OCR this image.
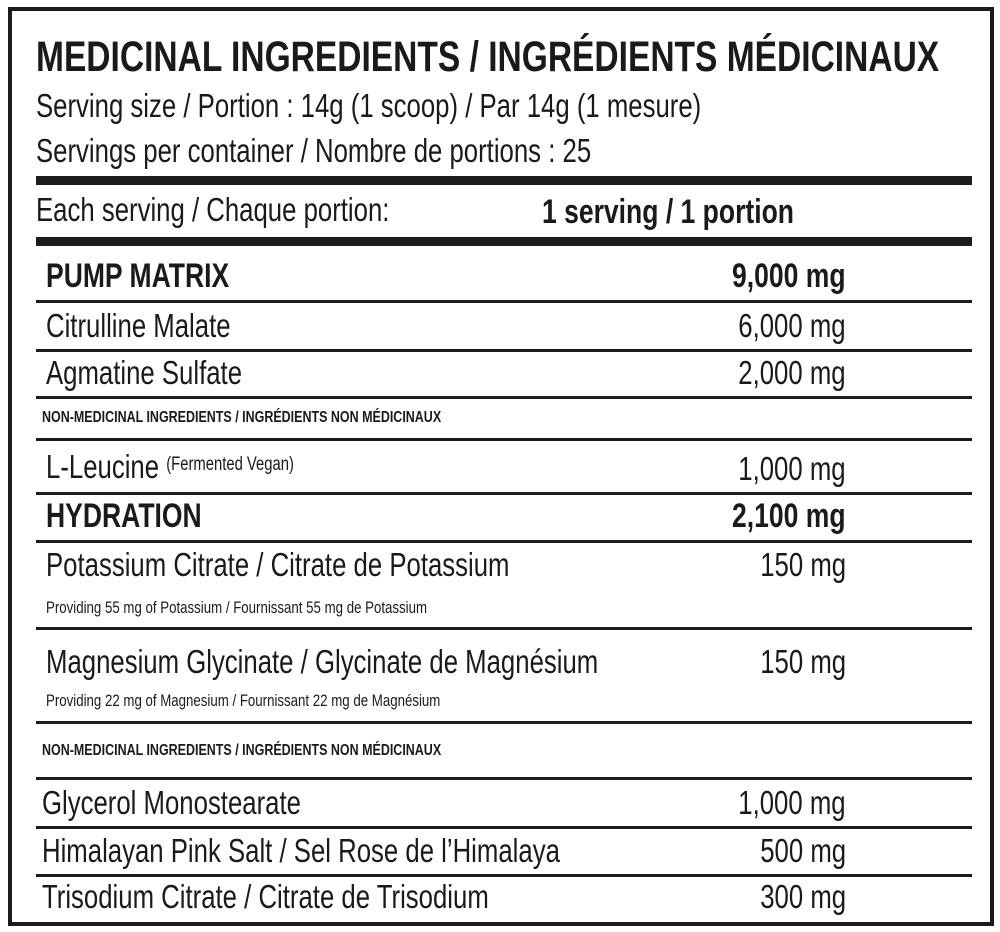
MEDICINAL INGREDIENTS / INGRÉDIENTS MÉDICINAUX
Serving size / Portion : 14g (1 scoop) / Par 14g (1 mesure)
Servings per container / Nombre de portions : 25
Each serving / Chaque portion:	1 serving / 1 portion
PUMP MATRIX	9,000 mg
Citrulline Malate	6,000 mg
Agmatine Sulfate	2,000 mg
NON-MEDICINAL INGREDIENTS / INGRÉDIENTS NON MÉDICINAUX
L-Leucine $^{(Fermented Vegan)}$	1,000 mg
HYDRATION	2,100 mg
Potassium Citrate / Citrate de Potassium	150 mg
Providing 55 mg of Potassium / Fournissant 55 mg de Potassium
Magnesium Glycinate / Glycinate de Magnésium	150 mg
Providing 22 mg of Magnesium / Fournissant 22 mg de Magnésium
NON-MEDICINAL INGREDIENTS / INGRÉDIENTS NON MÉDICINAUX
Glycerol Monostearate	1,000 mg
Himalayan Pink Salt / Sel Rose de l’Himalaya	500 mg
Trisodium Citrate / Citrate de Trisodium	300 mg
